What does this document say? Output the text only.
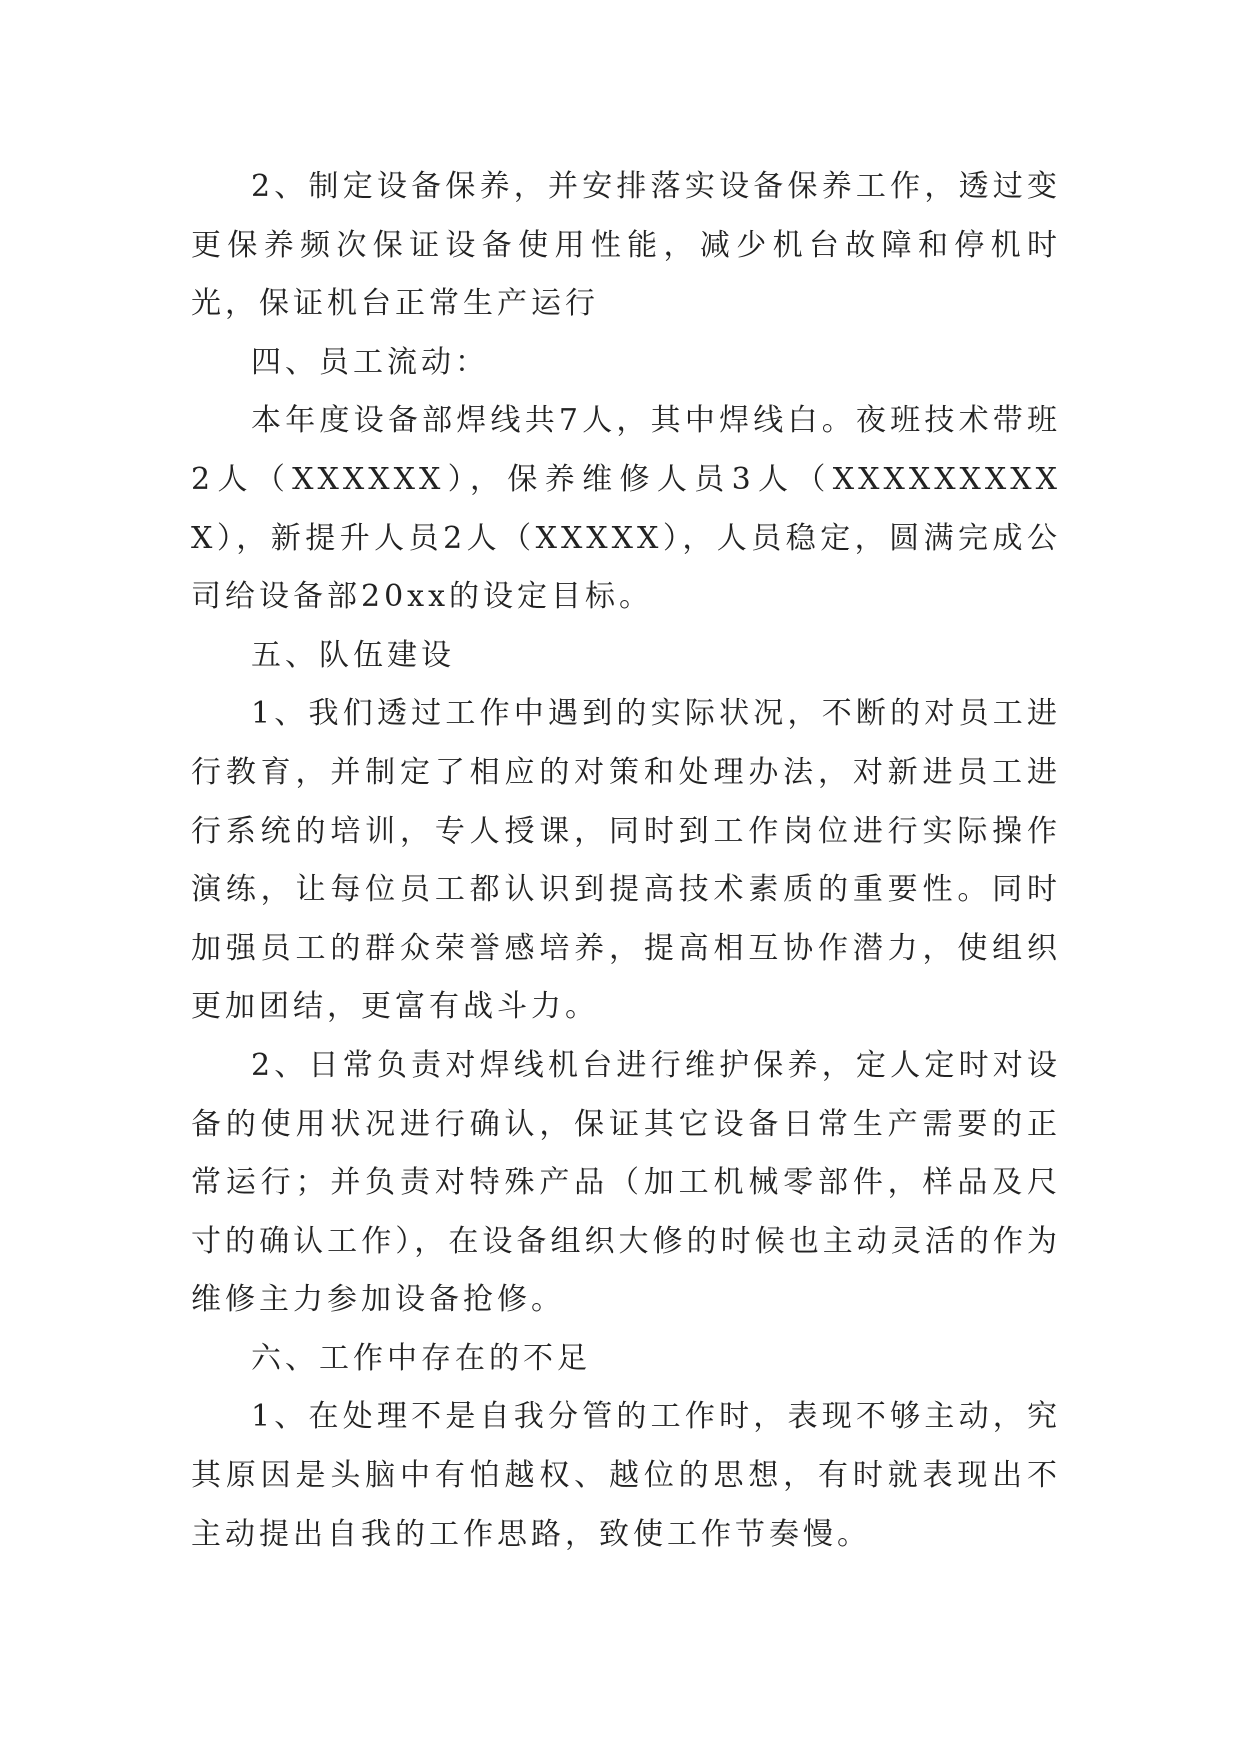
2、制定设备保养，并安排落实设备保养工作，透过变更保养频次保证设备使用性能，减少机台故障和停机时光，保证机台正常生产运行

四、员工流动：

本年度设备部焊线共7人，其中焊线白。夜班技术带班2人（XXXXXX），保养维修人员3人（XXXXXXXXXX），新提升人员2人（XXXXX），人员稳定，圆满完成公司给设备部20xx的设定目标。

五、队伍建设

1、我们透过工作中遇到的实际状况，不断的对员工进行教育，并制定了相应的对策和处理办法，对新进员工进行系统的培训，专人授课，同时到工作岗位进行实际操作演练，让每位员工都认识到提高技术素质的重要性。同时加强员工的群众荣誉感培养，提高相互协作潜力，使组织更加团结，更富有战斗力。

2、日常负责对焊线机台进行维护保养，定人定时对设备的使用状况进行确认，保证其它设备日常生产需要的正常运行；并负责对特殊产品（加工机械零部件，样品及尺寸的确认工作），在设备组织大修的时候也主动灵活的作为维修主力参加设备抢修。

六、工作中存在的不足

1、在处理不是自我分管的工作时，表现不够主动，究其原因是头脑中有怕越权、越位的思想，有时就表现出不主动提出自我的工作思路，致使工作节奏慢。
